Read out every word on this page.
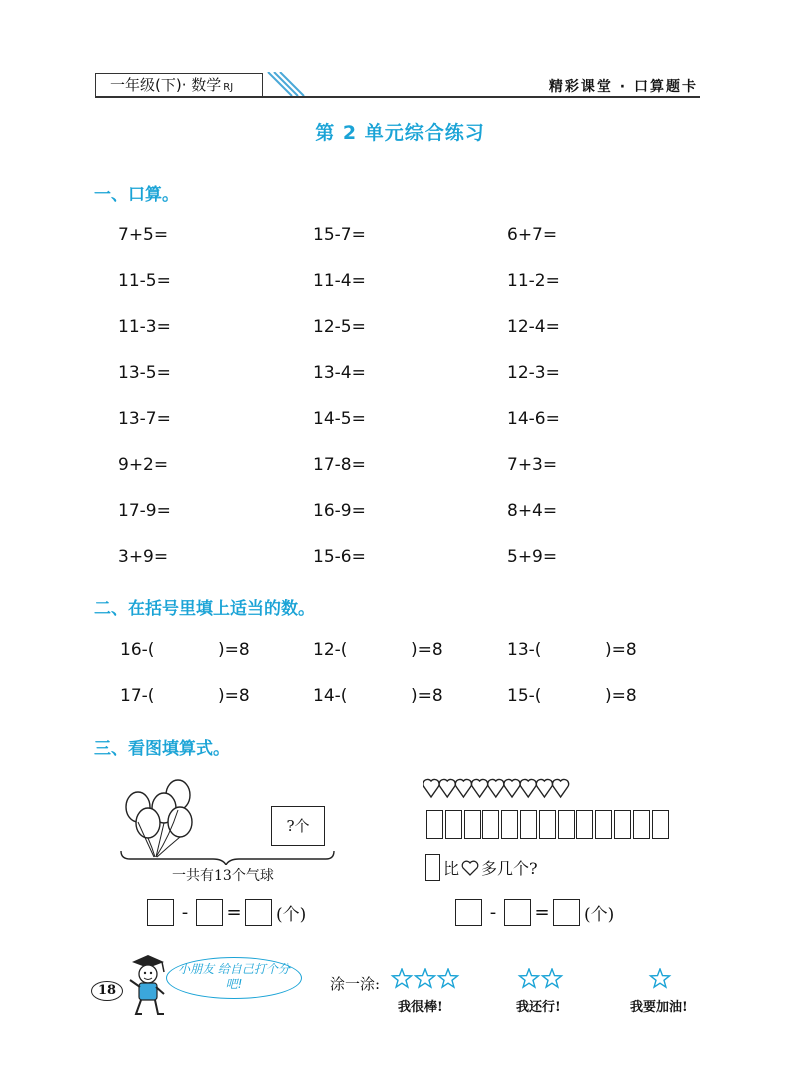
一年级(下)· 数学 RJ	精彩课堂 · 口算题卡
第 2 单元综合练习
一、口算。
7+5=	15-7=	6+7=
11-5=	11-4=	11-2=
11-3=	12-5=	12-4=
13-5=	13-4=	12-3=
13-7=	14-5=	14-6=
9+2=	17-8=	7+3=
17-9=	16-9=	8+4=
3+9=	15-6=	5+9=
二、在括号里填上适当的数。
16-(	)=8	12-(	)=8	13-(	)=8
17-(	)=8	14-(	)=8	15-(	)=8
三、看图填算式。
?个
一共有13个气球
-	= (个)
比 多几个?
-	= (个)
18
小朋友 给自己打个分吧!	涂一涂:
我很棒!	我还行!	我要加油!
